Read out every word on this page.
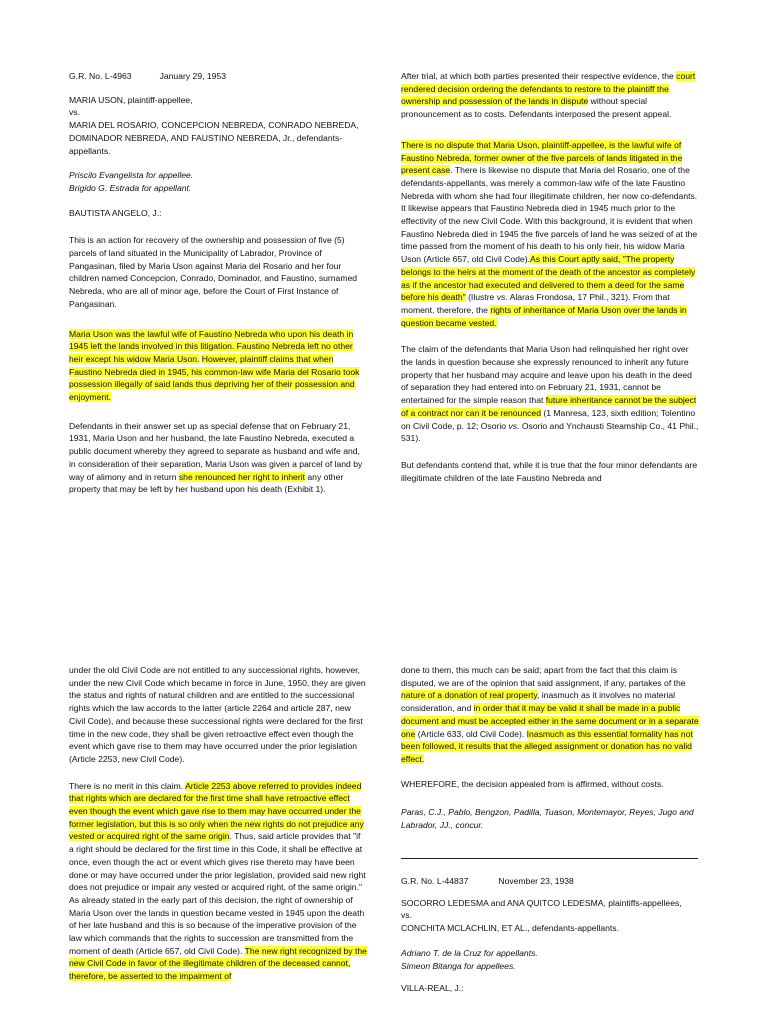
G.R. No. L-4963	January 29, 1953

MARIA USON, plaintiff-appellee,
vs.
MARIA DEL ROSARIO, CONCEPCION NEBREDA, CONRADO NEBREDA, DOMINADOR NEBREDA, AND FAUSTINO NEBREDA, Jr., defendants-appellants.

Priscilo Evangelista for appellee.
Brigido G. Estrada for appellant.

BAUTISTA ANGELO, J.:

This is an action for recovery of the ownership and possession of five (5) parcels of land situated in the Municipality of Labrador, Province of Pangasinan, filed by Maria Uson against Maria del Rosario and her four children named Concepcion, Conrado, Dominador, and Faustino, surnamed Nebreda, who are all of minor age, before the Court of First Instance of Pangasinan.

Maria Uson was the lawful wife of Faustino Nebreda who upon his death in 1945 left the lands involved in this litigation. Faustino Nebreda left no other heir except his widow Maria Uson. However, plaintiff claims that when Faustino Nebreda died in 1945, his common-law wife Maria del Rosario took possession illegally of said lands thus depriving her of their possession and enjoyment.

Defendants in their answer set up as special defense that on February 21, 1931, Maria Uson and her husband, the late Faustino Nebreda, executed a public document whereby they agreed to separate as husband and wife and, in consideration of their separation, Maria Uson was given a parcel of land by way of alimony and in return she renounced her right to inherit any other property that may be left by her husband upon his death (Exhibit 1).

After trial, at which both parties presented their respective evidence, the court rendered decision ordering the defendants to restore to the plaintiff the ownership and possession of the lands in dispute without special pronouncement as to costs. Defendants interposed the present appeal.

There is no dispute that Maria Uson, plaintiff-appellee, is the lawful wife of Faustino Nebreda, former owner of the five parcels of lands litigated in the present case. There is likewise no dispute that Maria del Rosario, one of the defendants-appellants, was merely a common-law wife of the late Faustino Nebreda with whom she had four illegitimate children, her now co-defendants. It likewise appears that Faustino Nebreda died in 1945 much prior to the effectivity of the new Civil Code. With this background, it is evident that when Faustino Nebreda died in 1945 the five parcels of land he was seized of at the time passed from the moment of his death to his only heir, his widow Maria Uson (Article 657, old Civil Code).As this Court aptly said, "The property belongs to the heirs at the moment of the death of the ancestor as completely as if the ancestor had executed and delivered to them a deed for the same before his death" (Ilustre vs. Alaras Frondosa, 17 Phil., 321). From that moment, therefore, the rights of inheritance of Maria Uson over the lands in question became vested.

The claim of the defendants that Maria Uson had relinquished her right over the lands in question because she expressly renounced to inherit any future property that her husband may acquire and leave upon his death in the deed of separation they had entered into on February 21, 1931, cannot be entertained for the simple reason that future inheritance cannot be the subject of a contract nor can it be renounced (1 Manresa, 123, sixth edition; Tolentino on Civil Code, p. 12; Osorio vs. Osorio and Ynchausti Steamship Co., 41 Phil., 531).

But defendants contend that, while it is true that the four minor defendants are illegitimate children of the late Faustino Nebreda and

under the old Civil Code are not entitled to any successional rights, however, under the new Civil Code which became in force in June, 1950, they are given the status and rights of natural children and are entitled to the successional rights which the law accords to the latter (article 2264 and article 287, new Civil Code), and because these successional rights were declared for the first time in the new code, they shall be given retroactive effect even though the event which gave rise to them may have occurred under the prior legislation (Article 2253, new Civil Code).

There is no merit in this claim. Article 2253 above referred to provides indeed that rights which are declared for the first time shall have retroactive effect even though the event which gave rise to them may have occurred under the former legislation, but this is so only when the new rights do not prejudice any vested or acquired right of the same origin. Thus, said article provides that "if a right should be declared for the first time in this Code, it shall be effective at once, even though the act or event which gives rise thereto may have been done or may have occurred under the prior legislation, provided said new right does not prejudice or impair any vested or acquired right, of the same origin." As already stated in the early part of this decision, the right of ownership of Maria Uson over the lands in question became vested in 1945 upon the death of her late husband and this is so because of the imperative provision of the law which commands that the rights to succession are transmitted from the moment of death (Article 657, old Civil Code). The new right recognized by the new Civil Code in favor of the illegitimate children of the deceased cannot, therefore, be asserted to the impairment of

done to them, this much can be said; apart from the fact that this claim is disputed, we are of the opinion that said assignment, if any, partakes of the nature of a donation of real property, inasmuch as it involves no material consideration, and in order that it may be valid it shall be made in a public document and must be accepted either in the same document or in a separate one (Article 633, old Civil Code). Inasmuch as this essential formality has not been followed, it results that the alleged assignment or donation has no valid effect.

WHEREFORE, the decision appealed from is affirmed, without costs.

Paras, C.J., Pablo, Bengzon, Padilla, Tuason, Montemayor, Reyes, Jugo and Labrador, JJ., concur.

G.R. No. L-44837	November 23, 1938

SOCORRO LEDESMA and ANA QUITCO LEDESMA, plaintiffs-appellees,
vs.
CONCHITA MCLACHLIN, ET AL., defendants-appellants.

Adriano T. de la Cruz for appellants.
Simeon Bitanga for appellees.

VILLA-REAL, J.:
